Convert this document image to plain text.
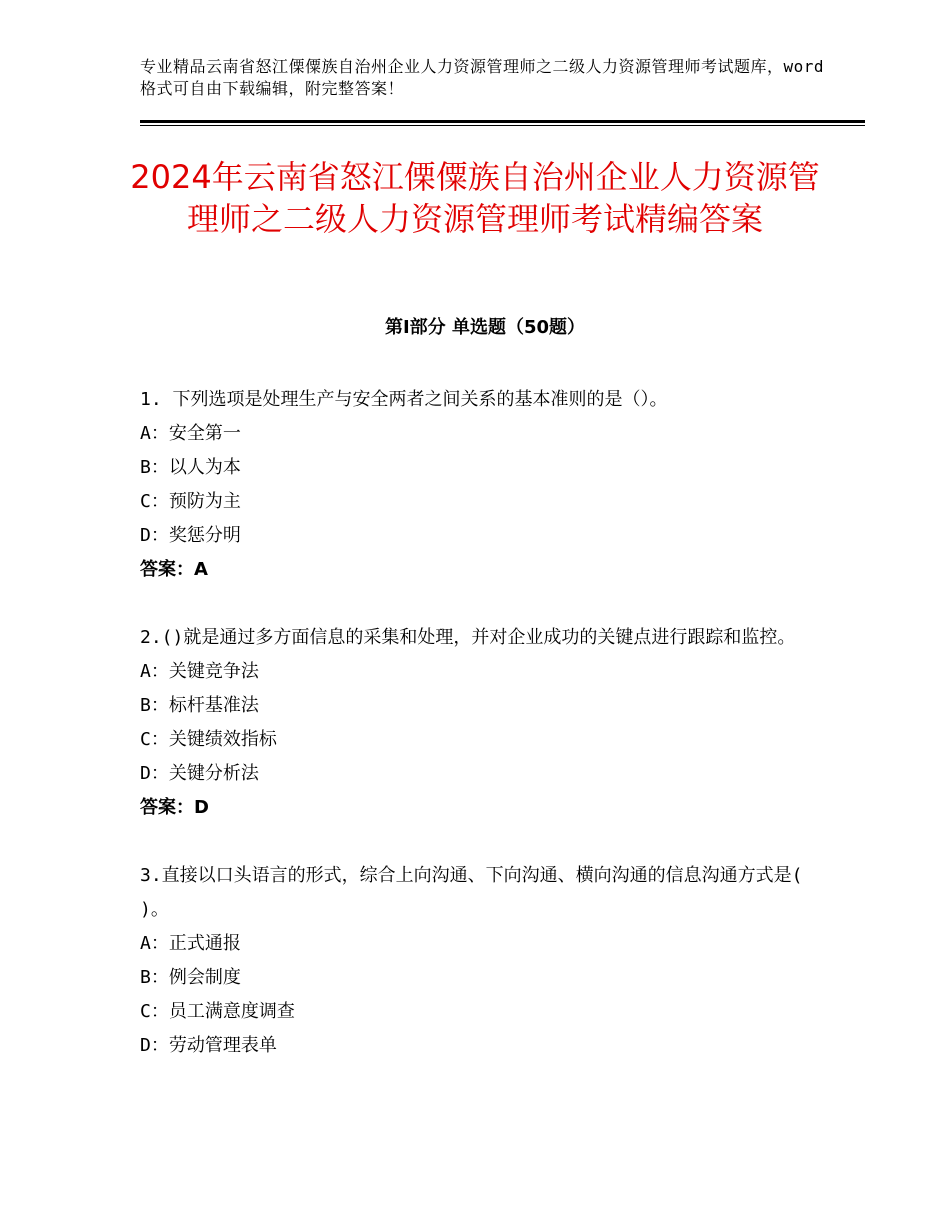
专业精品云南省怒江傈僳族自治州企业人力资源管理师之二级人力资源管理师考试题库，word格式可自由下载编辑，附完整答案！
2024年云南省怒江傈僳族自治州企业人力资源管理师之二级人力资源管理师考试精编答案
第Ⅰ部分 单选题（50题）
1. 下列选项是处理生产与安全两者之间关系的基本准则的是（）。
A：安全第一
B：以人为本
C：预防为主
D：奖惩分明
答案：A
2.()就是通过多方面信息的采集和处理，并对企业成功的关键点进行跟踪和监控。
A：关键竞争法
B：标杆基准法
C：关键绩效指标
D：关键分析法
答案：D
3.直接以口头语言的形式，综合上向沟通、下向沟通、横向沟通的信息沟通方式是( )。
A：正式通报
B：例会制度
C：员工满意度调查
D：劳动管理表单
